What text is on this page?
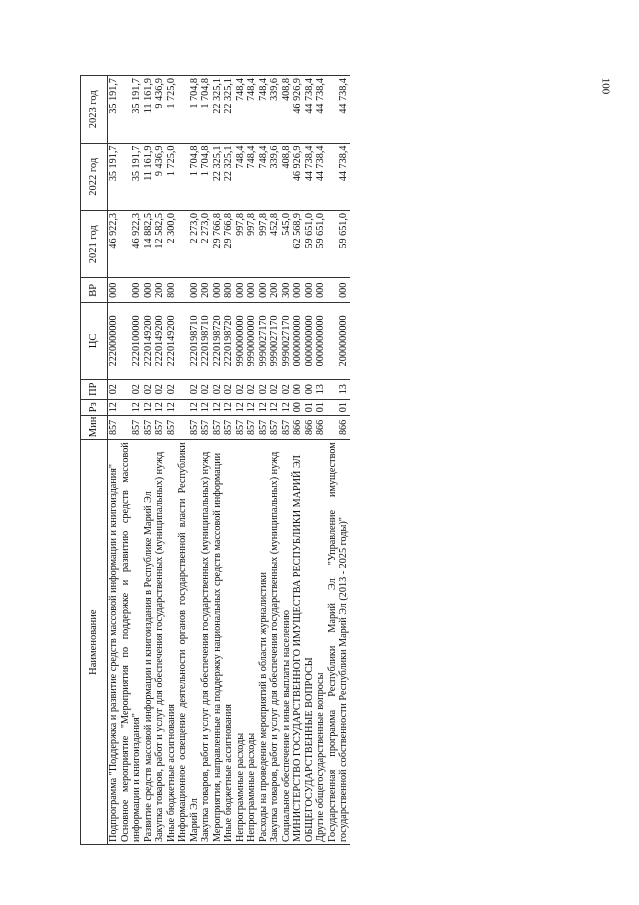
100
Наименование	Мин	Рз	ПР	ЦС	ВР	2021 год	2022 год	2023 год
Подпрограмма "Поддержка и развитие средств массовой информации и книгоиздания"	857	12	02	2220000000	000	46 922,3	35 191,7	35 191,7
Основное мероприятие "Мероприятия по поддержке и развитию средств массовой информации и книгоиздания"	857	12	02	2220100000	000	46 922,3	35 191,7	35 191,7
Развитие средств массовой информации и книгоиздания в Республике Марий Эл	857	12	02	2220149200	000	14 882,5	11 161,9	11 161,9
Закупка товаров, работ и услуг для обеспечения государственных (муниципальных) нужд	857	12	02	2220149200	200	12 582,5	9 436,9	9 436,9
Иные бюджетные ассигнования	857	12	02	2220149200	800	2 300,0	1 725,0	1 725,0
Информационное освещение деятельности органов государственной власти Республики Марий Эл	857	12	02	2220198710	000	2 273,0	1 704,8	1 704,8
Закупка товаров, работ и услуг для обеспечения государственных (муниципальных) нужд	857	12	02	2220198710	200	2 273,0	1 704,8	1 704,8
Мероприятия, направленные на поддержку национальных средств массовой информации	857	12	02	2220198720	000	29 766,8	22 325,1	22 325,1
Иные бюджетные ассигнования	857	12	02	2220198720	800	29 766,8	22 325,1	22 325,1
Непрограммные расходы	857	12	02	9900000000	000	997,8	748,4	748,4
Непрограммные расходы	857	12	02	9990000000	000	997,8	748,4	748,4
Расходы на проведение мероприятий в области журналистики	857	12	02	9990027170	000	997,8	748,4	748,4
Закупка товаров, работ и услуг для обеспечения государственных (муниципальных) нужд	857	12	02	9990027170	200	452,8	339,6	339,6
Социальное обеспечение и иные выплаты населению	857	12	02	9990027170	300	545,0	408,8	408,8
МИНИСТЕРСТВО ГОСУДАРСТВЕННОГО ИМУЩЕСТВА РЕСПУБЛИКИ МАРИЙ ЭЛ	866	00	00	0000000000	000	62 568,9	46 926,9	46 926,9
ОБЩЕГОСУДАРСТВЕННЫЕ ВОПРОСЫ	866	01	00	0000000000	000	59 651,0	44 738,4	44 738,4
Другие общегосударственные вопросы	866	01	13	0000000000	000	59 651,0	44 738,4	44 738,4
Государственная программа Республики Марий Эл "Управление имуществом государственной собственности Республики Марий Эл (2013 - 2025 годы)"	866	01	13	2000000000	000	59 651,0	44 738,4	44 738,4
